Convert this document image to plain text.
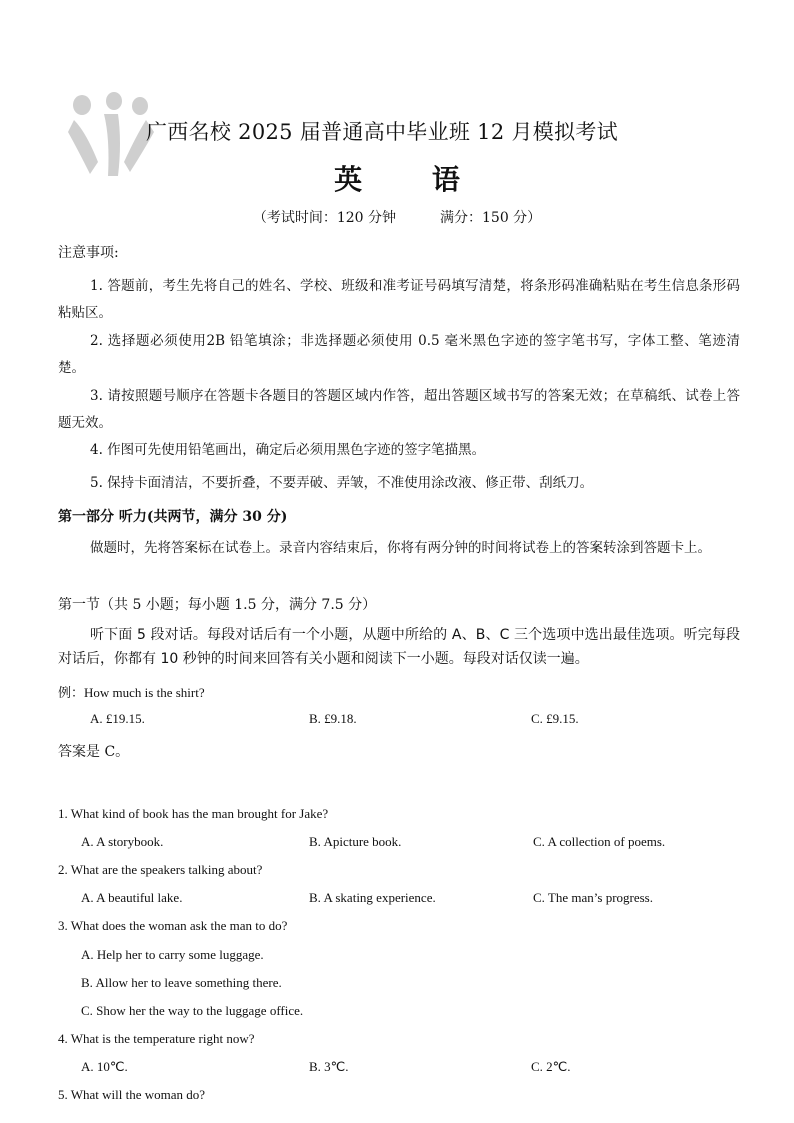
广西名校 2025 届普通高中毕业班 12 月模拟考试
英 语
（考试时间：120 分钟	满分：150 分）
注意事项:
1. 答题前，考生先将自己的姓名、学校、班级和准考证号码填写清楚，将条形码准确粘贴在考生信息条形码粘贴区。
2. 选择题必须使用2B 铅笔填涂；非选择题必须使用 0.5 毫米黑色字迹的签字笔书写，字体工整、笔迹清楚。
3. 请按照题号顺序在答题卡各题目的答题区域内作答，超出答题区域书写的答案无效；在草稿纸、试卷上答题无效。
4. 作图可先使用铅笔画出，确定后必须用黑色字迹的签字笔描黑。
5. 保持卡面清洁，不要折叠，不要弄破、弄皱，不准使用涂改液、修正带、刮纸刀。
第一部分 听力(共两节，满分 30 分)
做题时，先将答案标在试卷上。录音内容结束后，你将有两分钟的时间将试卷上的答案转涂到答题卡上。
第一节（共 5 小题；每小题 1.5 分，满分 7.5 分）
听下面 5 段对话。每段对话后有一个小题，从题中所给的 A、B、C 三个选项中选出最佳选项。听完每段对话后，你都有 10 秒钟的时间来回答有关小题和阅读下一小题。每段对话仅读一遍。
例：How much is the shirt?
A. £19.15.	B. £9.18.	C. £9.15.
答案是 C。
1. What kind of book has the man brought for Jake?
A. A storybook.	B. Apicture book.	C. A collection of poems.
2. What are the speakers talking about?
A. A beautiful lake.	B. A skating experience.	C. The man’s progress.
3. What does the woman ask the man to do?
A. Help her to carry some luggage.
B. Allow her to leave something there.
C. Show her the way to the luggage office.
4. What is the temperature right now?
A. 10℃.	B. 3℃.	C. 2℃.
5. What will the woman do?
